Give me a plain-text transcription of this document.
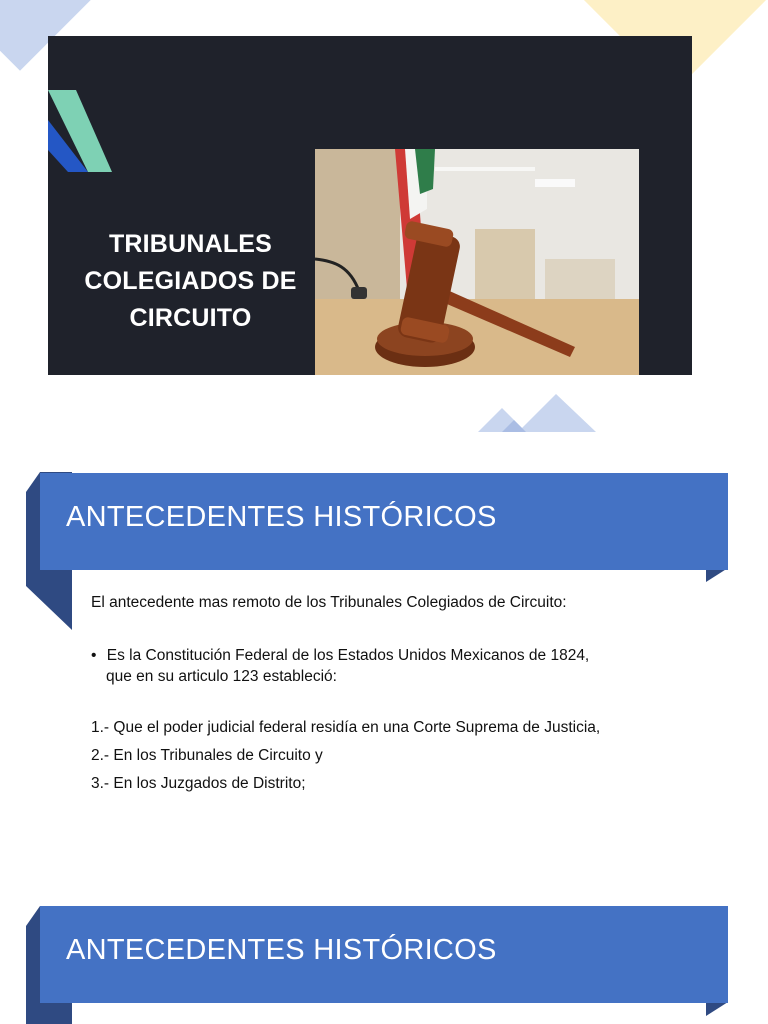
TRIBUNALES
COLEGIADOS DE
CIRCUITO
ANTECEDENTES HISTÓRICOS
El antecedente mas remoto de los Tribunales Colegiados de Circuito:
• Es la Constitución Federal de los Estados Unidos Mexicanos de 1824,
que en su articulo 123 estableció:
1.- Que el poder judicial federal residía en una Corte Suprema de Justicia,
2.- En los Tribunales de Circuito y
3.- En los Juzgados de Distrito;
ANTECEDENTES HISTÓRICOS
